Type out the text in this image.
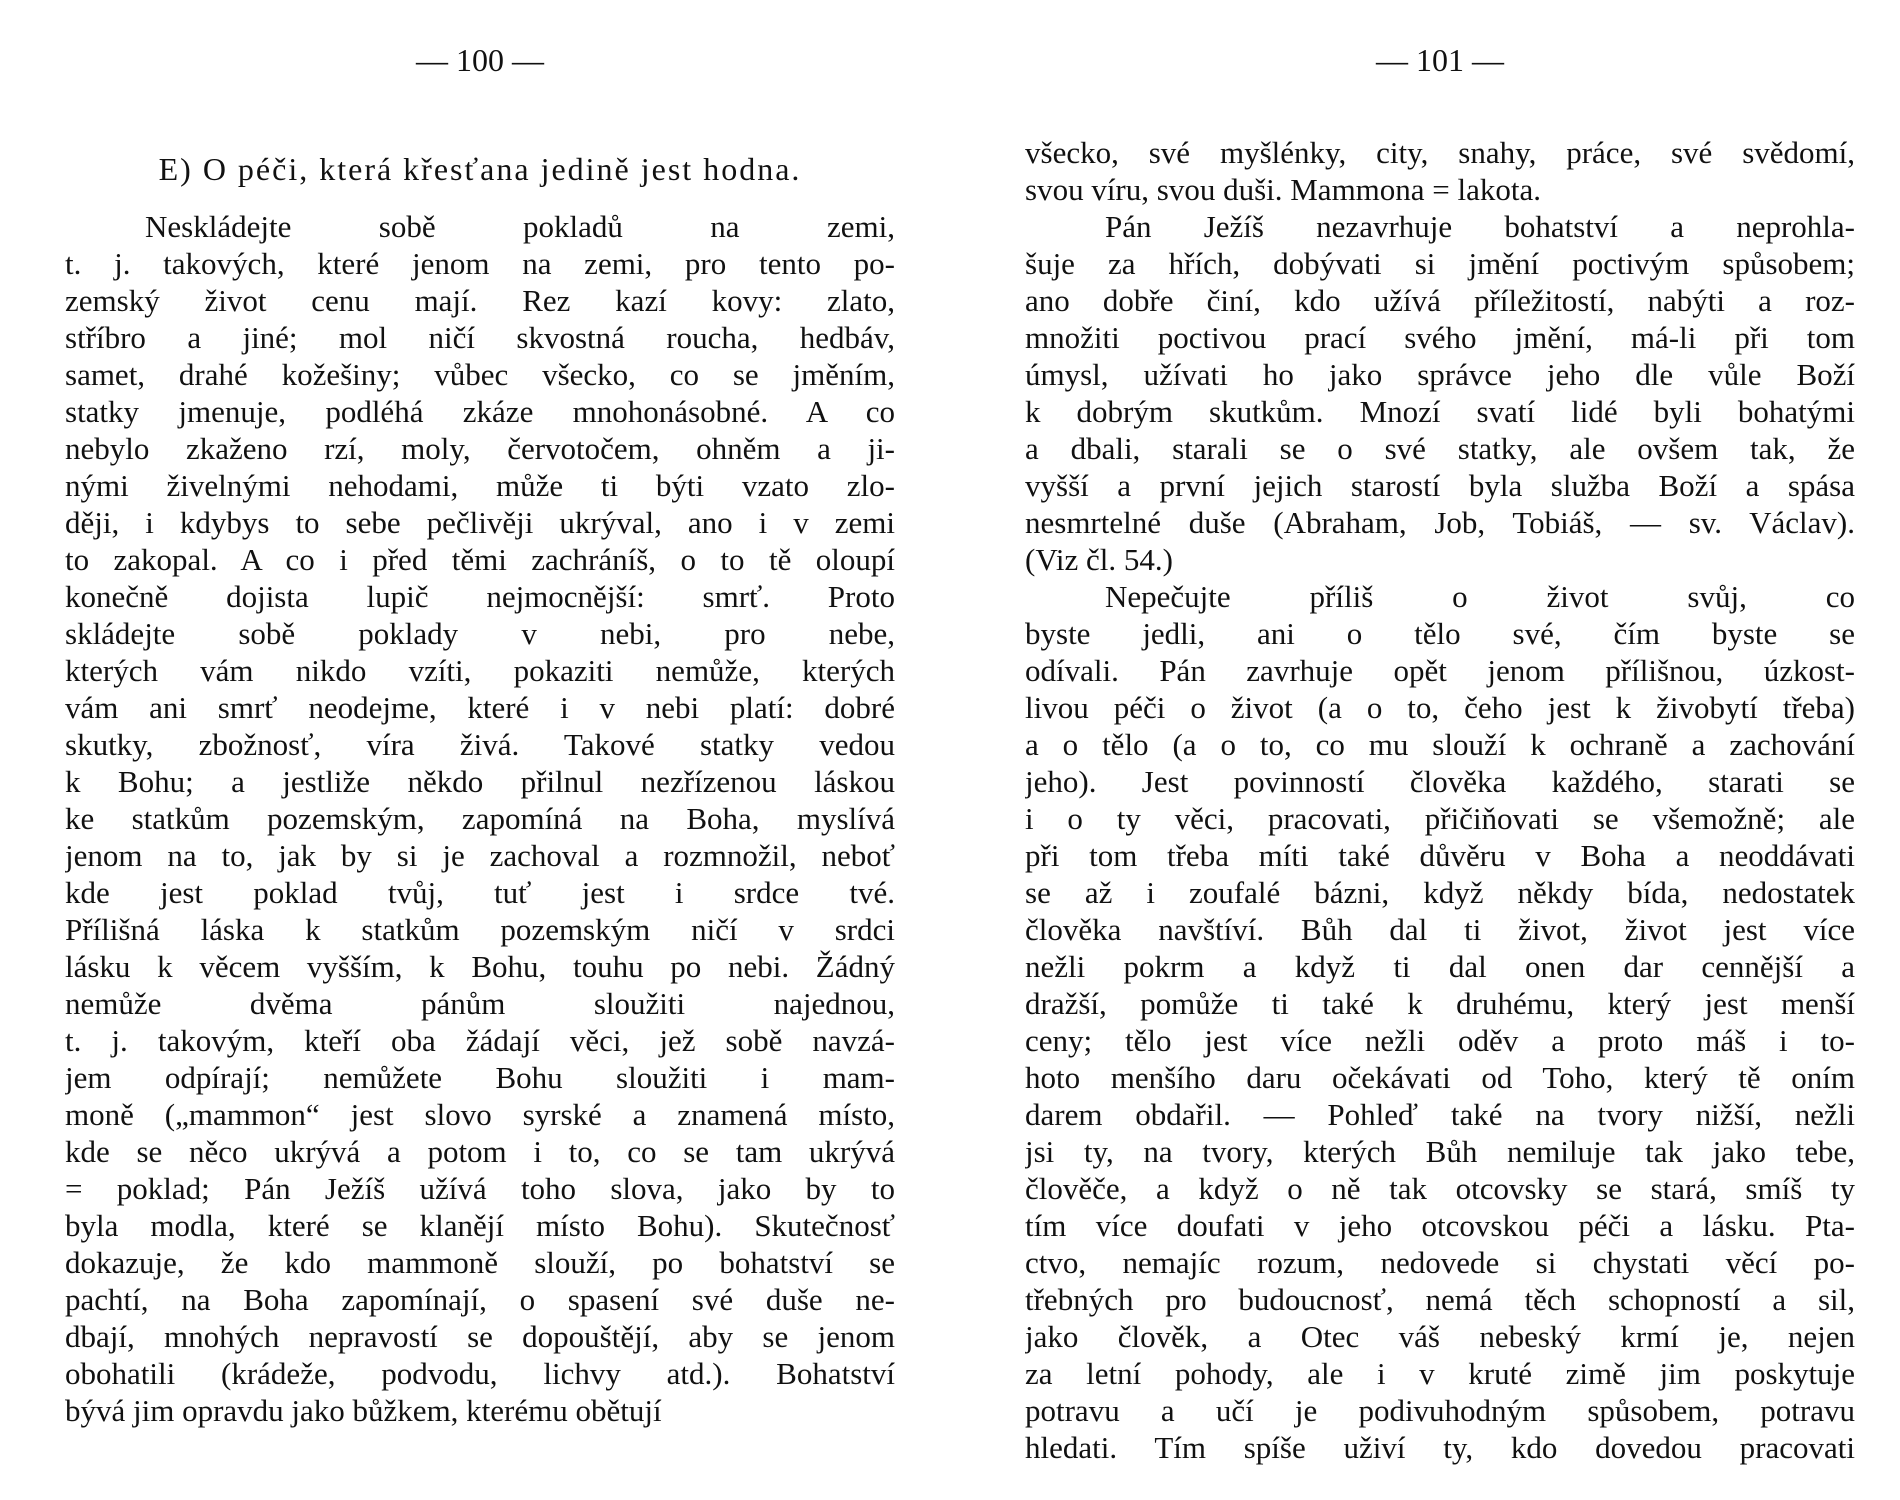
— 100 —
E) O péči, která křesťana jedině jest hodna.
Neskládejte sobě pokladů na zemi,
t. j. takových, které jenom na zemi, pro tento po-
zemský život cenu mají. Rez kazí kovy: zlato,
stříbro a jiné; mol ničí skvostná roucha, hedbáv,
samet, drahé kožešiny; vůbec všecko, co se jměním,
statky jmenuje, podléhá zkáze mnohonásobné. A co
nebylo zkaženo rzí, moly, červotočem, ohněm a ji-
nými živelnými nehodami, může ti býti vzato zlo-
ději, i kdybys to sebe pečlivěji ukrýval, ano i v zemi
to zakopal. A co i před těmi zachráníš, o to tě oloupí
konečně dojista lupič nejmocnější: smrť. Proto
skládejte sobě poklady v nebi, pro nebe,
kterých vám nikdo vzíti, pokaziti nemůže, kterých
vám ani smrť neodejme, které i v nebi platí: dobré
skutky, zbožnosť, víra živá. Takové statky vedou
k Bohu; a jestliže někdo přilnul nezřízenou láskou
ke statkům pozemským, zapomíná na Boha, myslívá
jenom na to, jak by si je zachoval a rozmnožil, neboť
kde jest poklad tvůj, tuť jest i srdce tvé.
Přílišná láska k statkům pozemským ničí v srdci
lásku k věcem vyšším, k Bohu, touhu po nebi. Žádný
nemůže dvěma pánům sloužiti najednou,
t. j. takovým, kteří oba žádají věci, jež sobě navzá-
jem odpírají; nemůžete Bohu sloužiti i mam-
moně („mammon“ jest slovo syrské a znamená místo,
kde se něco ukrývá a potom i to, co se tam ukrývá
= poklad; Pán Ježíš užívá toho slova, jako by to
byla modla, které se klanějí místo Bohu). Skutečnosť
dokazuje, že kdo mammoně slouží, po bohatství se
pachtí, na Boha zapomínají, o spasení své duše ne-
dbají, mnohých nepravostí se dopouštějí, aby se jenom
obohatili (krádeže, podvodu, lichvy atd.). Bohatství
bývá jim opravdu jako bůžkem, kterému obětují
— 101 —
všecko, své myšlénky, city, snahy, práce, své svědomí,
svou víru, svou duši. Mammona = lakota.
Pán Ježíš nezavrhuje bohatství a neprohla-
šuje za hřích, dobývati si jmění poctivým spůsobem;
ano dobře činí, kdo užívá příležitostí, nabýti a roz-
množiti poctivou prací svého jmění, má-li při tom
úmysl, užívati ho jako správce jeho dle vůle Boží
k dobrým skutkům. Mnozí svatí lidé byli bohatými
a dbali, starali se o své statky, ale ovšem tak, že
vyšší a první jejich starostí byla služba Boží a spása
nesmrtelné duše (Abraham, Job, Tobiáš, — sv. Václav).
(Viz čl. 54.)
Nepečujte příliš o život svůj, co
byste jedli, ani o tělo své, čím byste se
odívali. Pán zavrhuje opět jenom přílišnou, úzkost-
livou péči o život (a o to, čeho jest k živobytí třeba)
a o tělo (a o to, co mu slouží k ochraně a zachování
jeho). Jest povinností člověka každého, starati se
i o ty věci, pracovati, přičiňovati se všemožně; ale
při tom třeba míti také důvěru v Boha a neoddávati
se až i zoufalé bázni, když někdy bída, nedostatek
člověka navštíví. Bůh dal ti život, život jest více
nežli pokrm a když ti dal onen dar cennější a
dražší, pomůže ti také k druhému, který jest menší
ceny; tělo jest více nežli oděv a proto máš i to-
hoto menšího daru očekávati od Toho, který tě oním
darem obdařil. — Pohleď také na tvory nižší, nežli
jsi ty, na tvory, kterých Bůh nemiluje tak jako tebe,
člověče, a když o ně tak otcovsky se stará, smíš ty
tím více doufati v jeho otcovskou péči a lásku. Pta-
ctvo, nemajíc rozum, nedovede si chystati věcí po-
třebných pro budoucnosť, nemá těch schopností a sil,
jako člověk, a Otec váš nebeský krmí je, nejen
za letní pohody, ale i v kruté zimě jim poskytuje
potravu a učí je podivuhodným spůsobem, potravu
hledati. Tím spíše uživí ty, kdo dovedou pracovati
